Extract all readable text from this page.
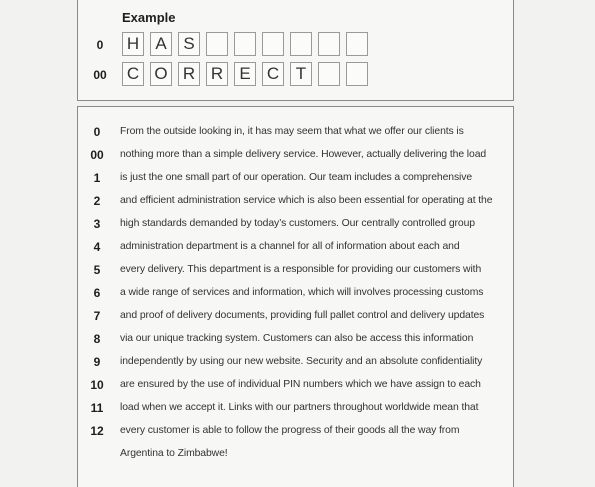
Example
0	H A S
00	C O R R E C T
0	From the outside looking in, it has may seem that what we offer our clients is
00	nothing more than a simple delivery service. However, actually delivering the load
1	is just the one small part of our operation. Our team includes a comprehensive
2	and efficient administration service which is also been essential for operating at the
3	high standards demanded by today’s customers. Our centrally controlled group
4	administration department is a channel for all of information about each and
5	every delivery. This department is a responsible for providing our customers with
6	a wide range of services and information, which will involves processing customs
7	and proof of delivery documents, providing full pallet control and delivery updates
8	via our unique tracking system. Customers can also be access this information
9	independently by using our new website. Security and an absolute confidentiality
10	are ensured by the use of individual PIN numbers which we have assign to each
11	load when we accept it. Links with our partners throughout worldwide mean that
12	every customer is able to follow the progress of their goods all the way from
Argentina to Zimbabwe!
